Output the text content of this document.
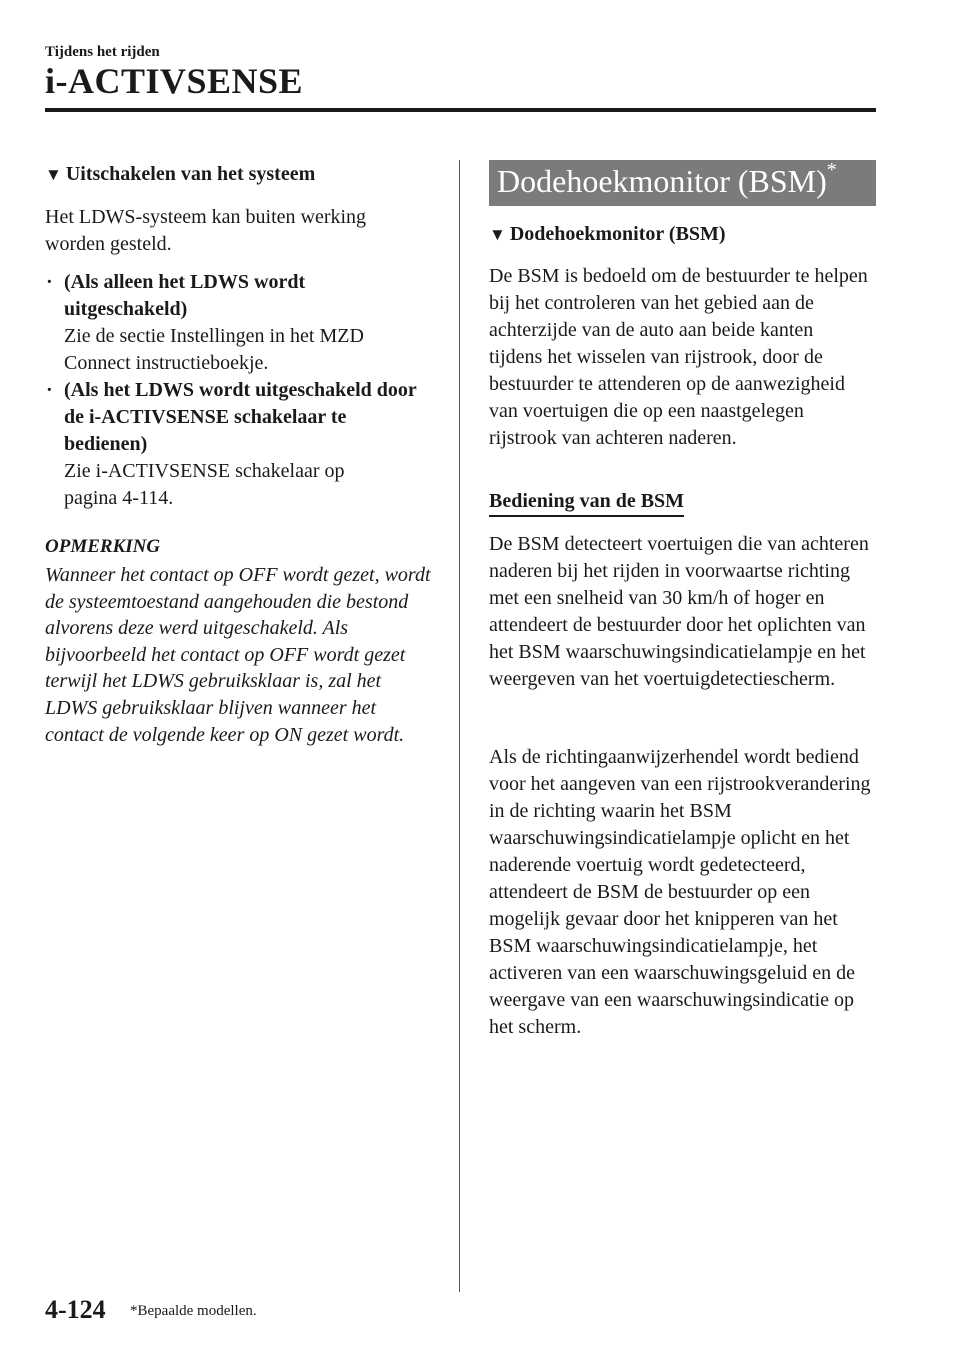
Tijdens het rijden
i-ACTIVSENSE
▼ Uitschakelen van het systeem

Het LDWS-systeem kan buiten werking worden gesteld.

· (Als alleen het LDWS wordt uitgeschakeld)

Zie de sectie Instellingen in het MZD Connect instructieboekje.

· (Als het LDWS wordt uitgeschakeld door de i-ACTIVSENSE schakelaar te bedienen)

Zie i-ACTIVSENSE schakelaar op pagina 4-114.

OPMERKING

Wanneer het contact op OFF wordt gezet, wordt de systeemtoestand aangehouden die bestond alvorens deze werd uitgeschakeld. Als bijvoorbeeld het contact op OFF wordt gezet terwijl het LDWS gebruiksklaar is, zal het LDWS gebruiksklaar blijven wanneer het contact de volgende keer op ON gezet wordt.

Dodehoekmonitor (BSM)*
▼ Dodehoekmonitor (BSM)

De BSM is bedoeld om de bestuurder te helpen bij het controleren van het gebied aan de achterzijde van de auto aan beide kanten tijdens het wisselen van rijstrook, door de bestuurder te attenderen op de aanwezigheid van voertuigen die op een naastgelegen rijstrook van achteren naderen.

Bediening van de BSM

De BSM detecteert voertuigen die van achteren naderen bij het rijden in voorwaartse richting met een snelheid van 30 km/h of hoger en attendeert de bestuurder door het oplichten van het BSM waarschuwingsindicatielampje en het weergeven van het voertuigdetectiescherm.

Als de richtingaanwijzerhendel wordt bediend voor het aangeven van een rijstrookverandering in de richting waarin het BSM waarschuwingsindicatielampje oplicht en het naderende voertuig wordt gedetecteerd, attendeert de BSM de bestuurder op een mogelijk gevaar door het knipperen van het BSM waarschuwingsindicatielampje, het activeren van een waarschuwingsgeluid en de weergave van een waarschuwingsindicatie op het scherm.

4-124 *Bepaalde modellen.
